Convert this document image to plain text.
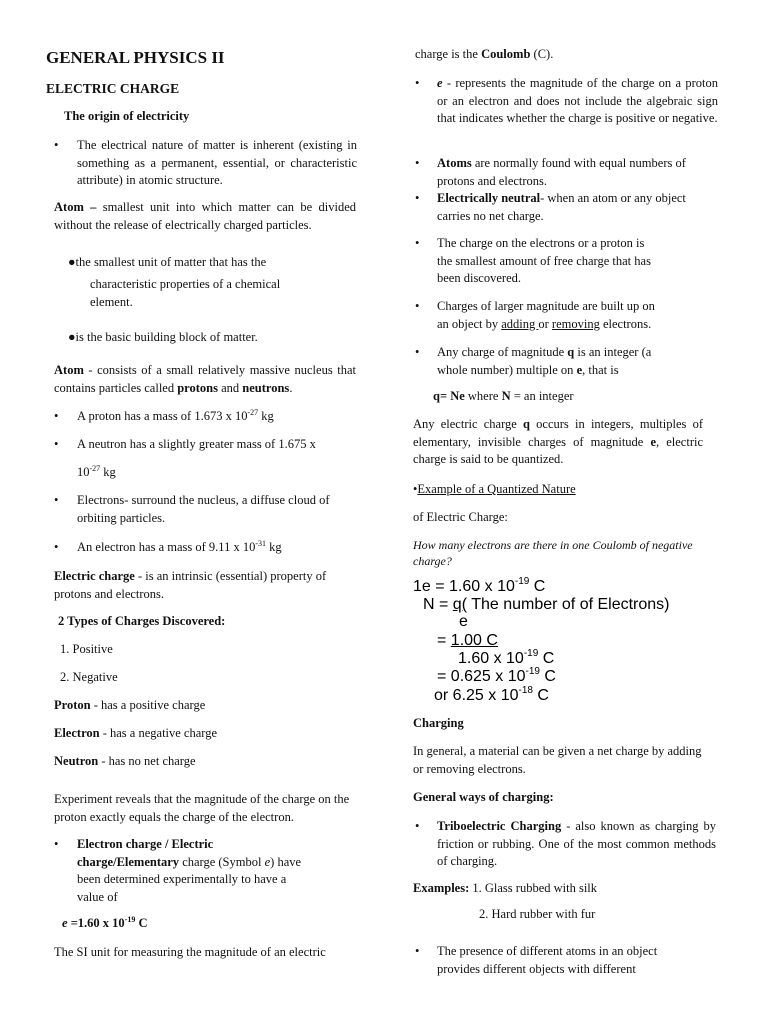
GENERAL PHYSICS II
ELECTRIC CHARGE
The origin of electricity
• The electrical nature of matter is inherent (existing in something as a permanent, essential, or characteristic attribute) in atomic structure.
Atom – smallest unit into which matter can be divided without the release of electrically charged particles.
●the smallest unit of matter that has the
characteristic properties of a chemical
element.
●is the basic building block of matter.
Atom - consists of a small relatively massive nucleus that contains particles called protons and neutrons.
• A proton has a mass of 1.673 x $10^{-27}$ kg
• A neutron has a slightly greater mass of 1.675 x
$10^{-27}$ kg
• Electrons- surround the nucleus, a diffuse cloud of orbiting particles.
• An electron has a mass of 9.11 x $10^{-31}$ kg
Electric charge - is an intrinsic (essential) property of protons and electrons.
2 Types of Charges Discovered:
1. Positive
2. Negative
Proton - has a positive charge
Electron - has a negative charge
Neutron - has no net charge
Experiment reveals that the magnitude of the charge on the proton exactly equals the charge of the electron.
• Electron charge / Electric
charge/Elementary charge (Symbol e) have
been determined experimentally to have a
value of
e =1.60 x $10^{-19}$ C
The SI unit for measuring the magnitude of an electric
charge is the Coulomb (C).
• e - represents the magnitude of the charge on a proton or an electron and does not include the algebraic sign that indicates whether the charge is positive or negative.
• Atoms are normally found with equal numbers of protons and electrons.
• Electrically neutral- when an atom or any object
carries no net charge.
• The charge on the electrons or a proton is
the smallest amount of free charge that has
been discovered.
• Charges of larger magnitude are built up on
an object by adding or removing electrons.
• Any charge of magnitude q is an integer (a
whole number) multiple on e, that is
q= Ne where N = an integer
Any electric charge q occurs in integers, multiples of elementary, invisible charges of magnitude e, electric charge is said to be quantized.
•Example of a Quantized Nature
of Electric Charge:
How many electrons are there in one Coulomb of negative charge?
1e = 1.60 x $10^{-19}$ C
N = q( The number of of Electrons)
e
= 1.00 C
1.60 x $10^{-19}$ C
= 0.625 x $10^{-19}$ C
or 6.25 x $10^{-18}$ C
Charging
In general, a material can be given a net charge by adding or removing electrons.
General ways of charging:
• Triboelectric Charging - also known as charging by friction or rubbing. One of the most common methods of charging.
Examples: 1. Glass rubbed with silk
2. Hard rubber with fur
• The presence of different atoms in an object
provides different objects with different
